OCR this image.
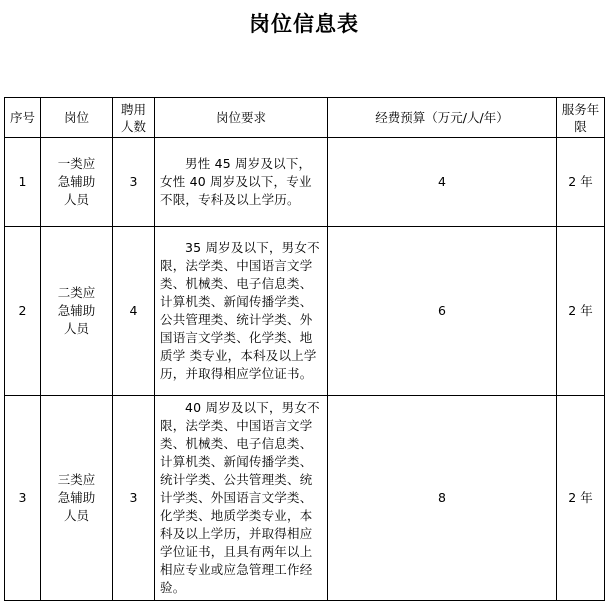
岗位信息表
序号	岗位	聘用人数	岗位要求	经费预算（万元/人/年）	服务年限

1	一类应急辅助人员	3	男性 45 周岁及以下，女性 40 周岁及以下，专业不限，专科及以上学历。	4	2 年
2	二类应急辅助人员	4	35 周岁及以下，男女不限，法学类、中国语言文学类、机械类、电子信息类、计算机类、新闻传播学类、公共管理类、统计学类、外国语言文学类、化学类、地质学 类专业，本科及以上学历，并取得相应学位证书。	6	2 年
3	三类应急辅助人员	3	40 周岁及以下，男女不限，法学类、中国语言文学类、机械类、电子信息类、计算机类、新闻传播学类、统计学类、公共管理类、统计学类、外国语言文学类、化学类、地质学类专业，本科及以上学历，并取得相应学位证书，且具有两年以上相应专业或应急管理工作经验。	8	2 年
